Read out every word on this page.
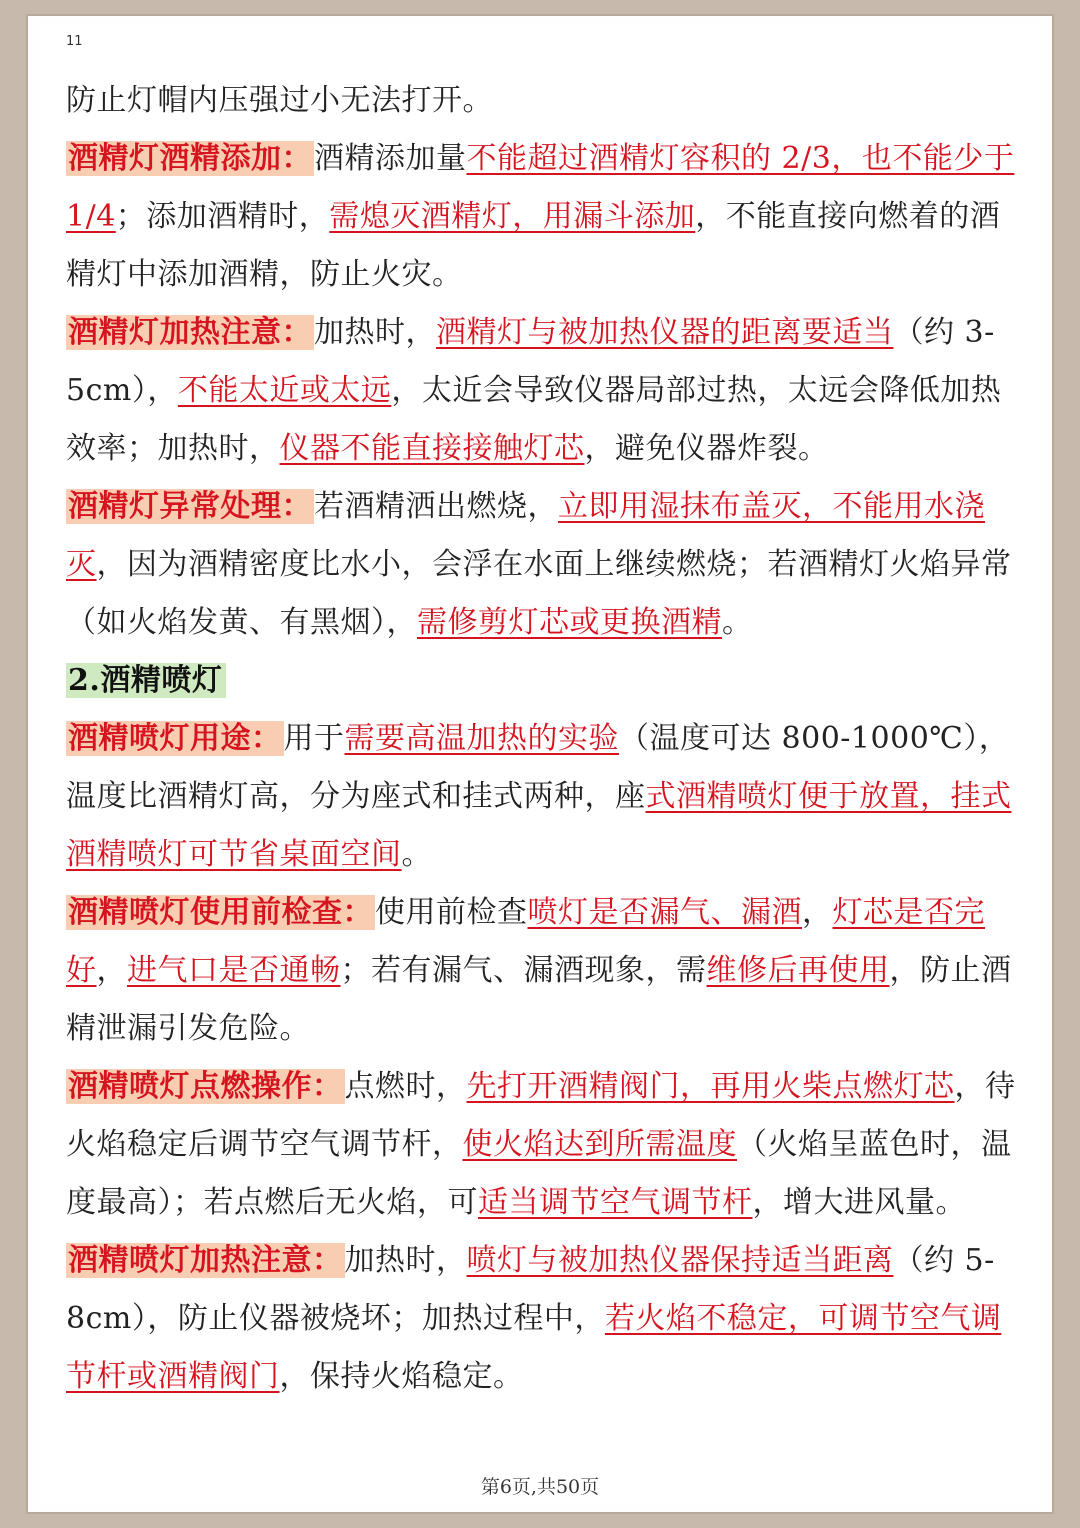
11

防止灯帽内压强过小无法打开。

酒精灯酒精添加：酒精添加量不能超过酒精灯容积的 2/3，也不能少于 1/4；添加酒精时，需熄灭酒精灯，用漏斗添加，不能直接向燃着的酒精灯中添加酒精，防止火灾。

酒精灯加热注意：加热时，酒精灯与被加热仪器的距离要适当（约 3-5cm），不能太近或太远，太近会导致仪器局部过热，太远会降低加热效率；加热时，仪器不能直接接触灯芯，避免仪器炸裂。

酒精灯异常处理：若酒精洒出燃烧，立即用湿抹布盖灭，不能用水浇灭，因为酒精密度比水小，会浮在水面上继续燃烧；若酒精灯火焰异常（如火焰发黄、有黑烟），需修剪灯芯或更换酒精。

2.酒精喷灯

酒精喷灯用途：用于需要高温加热的实验（温度可达 800-1000℃），温度比酒精灯高，分为座式和挂式两种，座式酒精喷灯便于放置，挂式酒精喷灯可节省桌面空间。

酒精喷灯使用前检查：使用前检查喷灯是否漏气、漏酒，灯芯是否完好，进气口是否通畅；若有漏气、漏酒现象，需维修后再使用，防止酒精泄漏引发危险。

酒精喷灯点燃操作：点燃时，先打开酒精阀门，再用火柴点燃灯芯，待火焰稳定后调节空气调节杆，使火焰达到所需温度（火焰呈蓝色时，温度最高）；若点燃后无火焰，可适当调节空气调节杆，增大进风量。

酒精喷灯加热注意：加热时，喷灯与被加热仪器保持适当距离（约 5-8cm），防止仪器被烧坏；加热过程中，若火焰不稳定，可调节空气调节杆或酒精阀门，保持火焰稳定。

第6页,共50页
